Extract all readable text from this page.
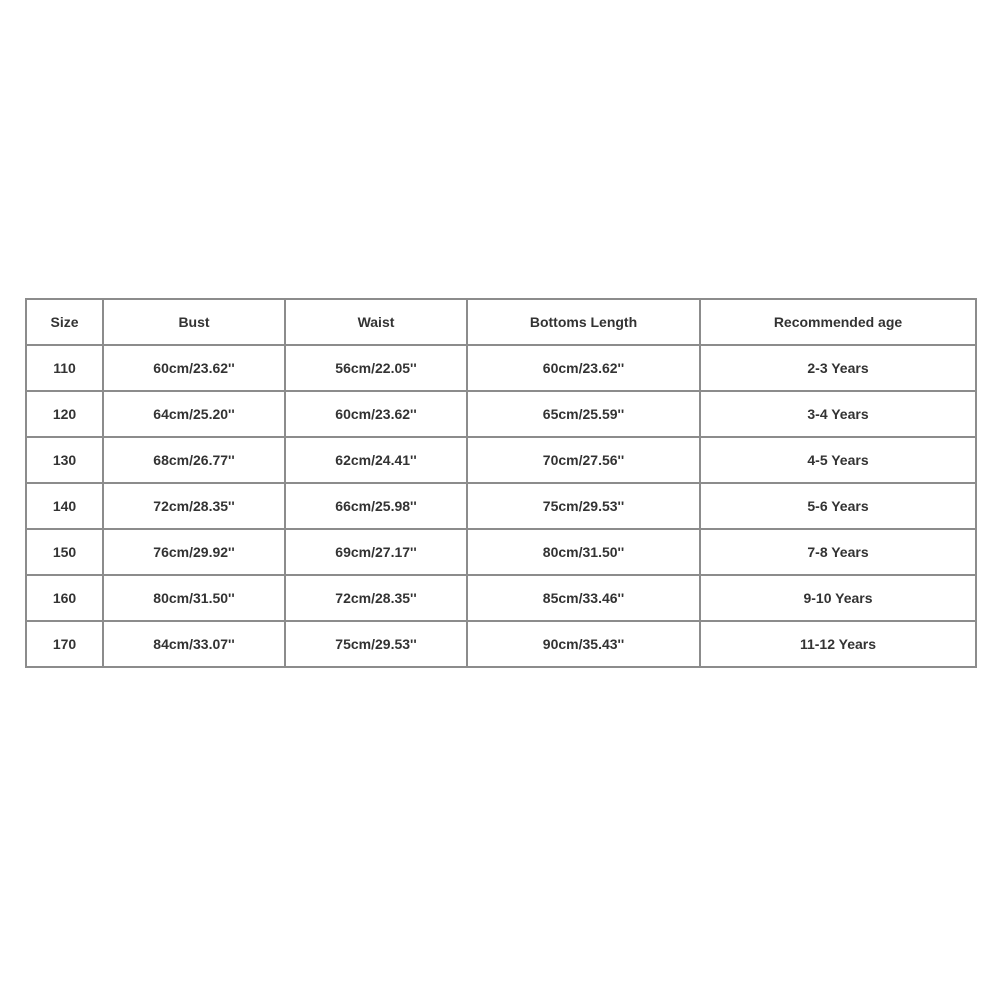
Size	Bust	Waist	Bottoms Length	Recommended age
110	60cm/23.62''	56cm/22.05''	60cm/23.62''	2-3 Years
120	64cm/25.20''	60cm/23.62''	65cm/25.59''	3-4 Years
130	68cm/26.77''	62cm/24.41''	70cm/27.56''	4-5 Years
140	72cm/28.35''	66cm/25.98''	75cm/29.53''	5-6 Years
150	76cm/29.92''	69cm/27.17''	80cm/31.50''	7-8 Years
160	80cm/31.50''	72cm/28.35''	85cm/33.46''	9-10 Years
170	84cm/33.07''	75cm/29.53''	90cm/35.43''	11-12 Years
